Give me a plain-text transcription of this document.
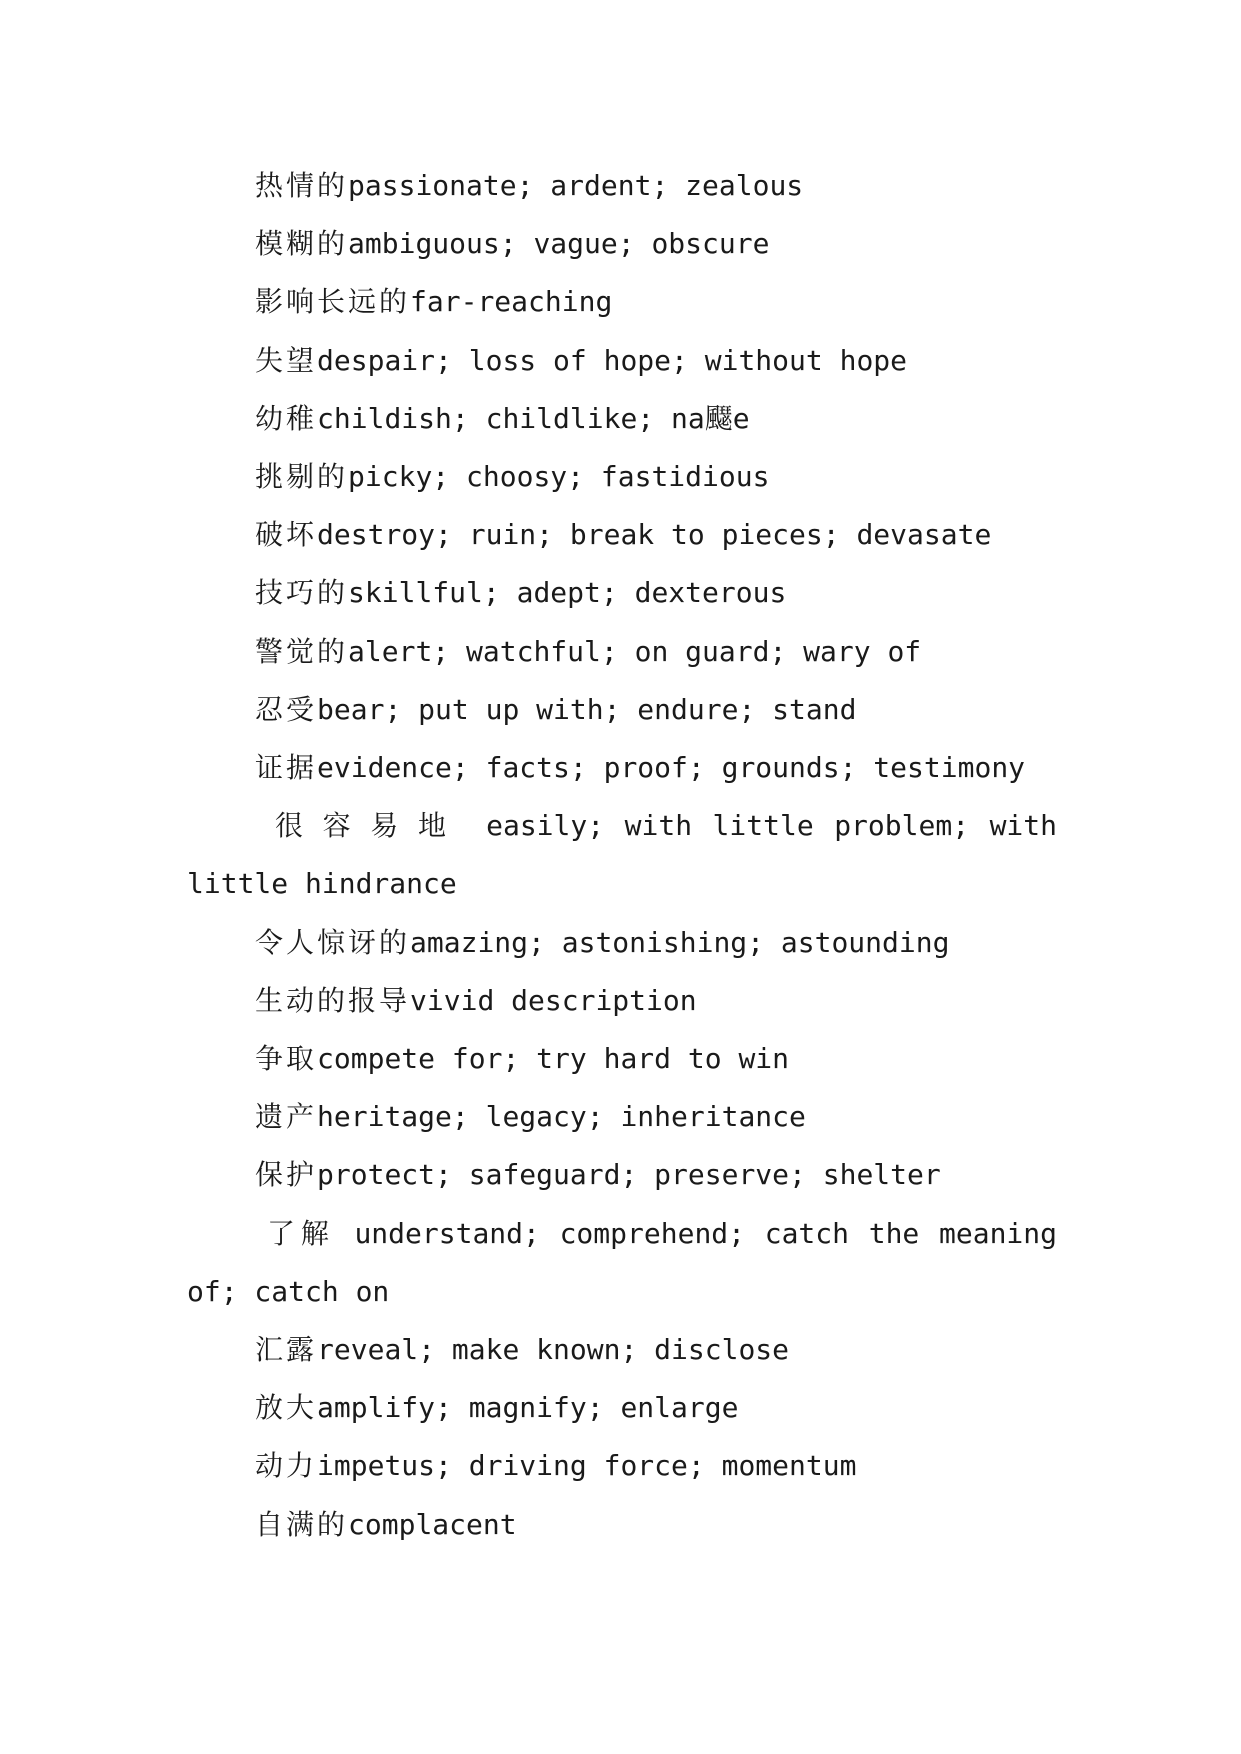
热情的passionate; ardent; zealous

模糊的ambiguous; vague; obscure

影响长远的far-reaching

失望despair; loss of hope; without hope

幼稚childish; childlike; na飋e

挑剔的picky; choosy; fastidious

破坏destroy; ruin; break to pieces; devasate

技巧的skillful; adept; dexterous

警觉的alert; watchful; on guard; wary of

忍受bear; put up with; endure; stand

证据evidence; facts; proof; grounds; testimony

很容易地 easily; with little problem; with little hindrance

令人惊讶的amazing; astonishing; astounding

生动的报导vivid description

争取compete for; try hard to win

遗产heritage; legacy; inheritance

保护protect; safeguard; preserve; shelter

了解 understand; comprehend; catch the meaning of; catch on

汇露reveal; make known; disclose

放大amplify; magnify; enlarge

动力impetus; driving force; momentum

自满的complacent
